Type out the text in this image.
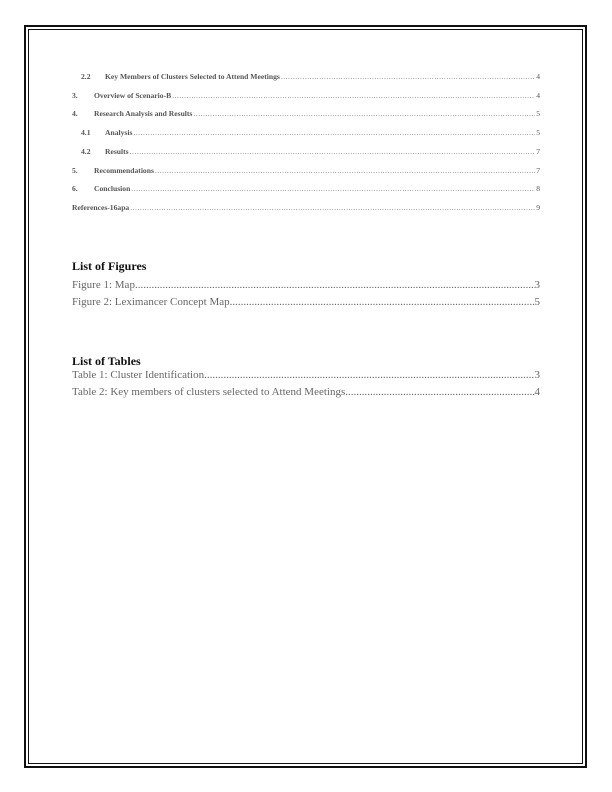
2.2	Key Members of Clusters Selected to Attend Meetings .....	4
3.	Overview of Scenario-B .....	4
4.	Research Analysis and Results .....	5
4.1	Analysis .....	5
4.2	Results .....	7
5.	Recommendations .....	7
6.	Conclusion .....	8
References-16apa .....	9
List of Figures
Figure 1: Map .....	3
Figure 2: Leximancer Concept Map .....	5
List of Tables
Table 1: Cluster Identification .....	3
Table 2: Key members of clusters selected to Attend Meetings .....	4
